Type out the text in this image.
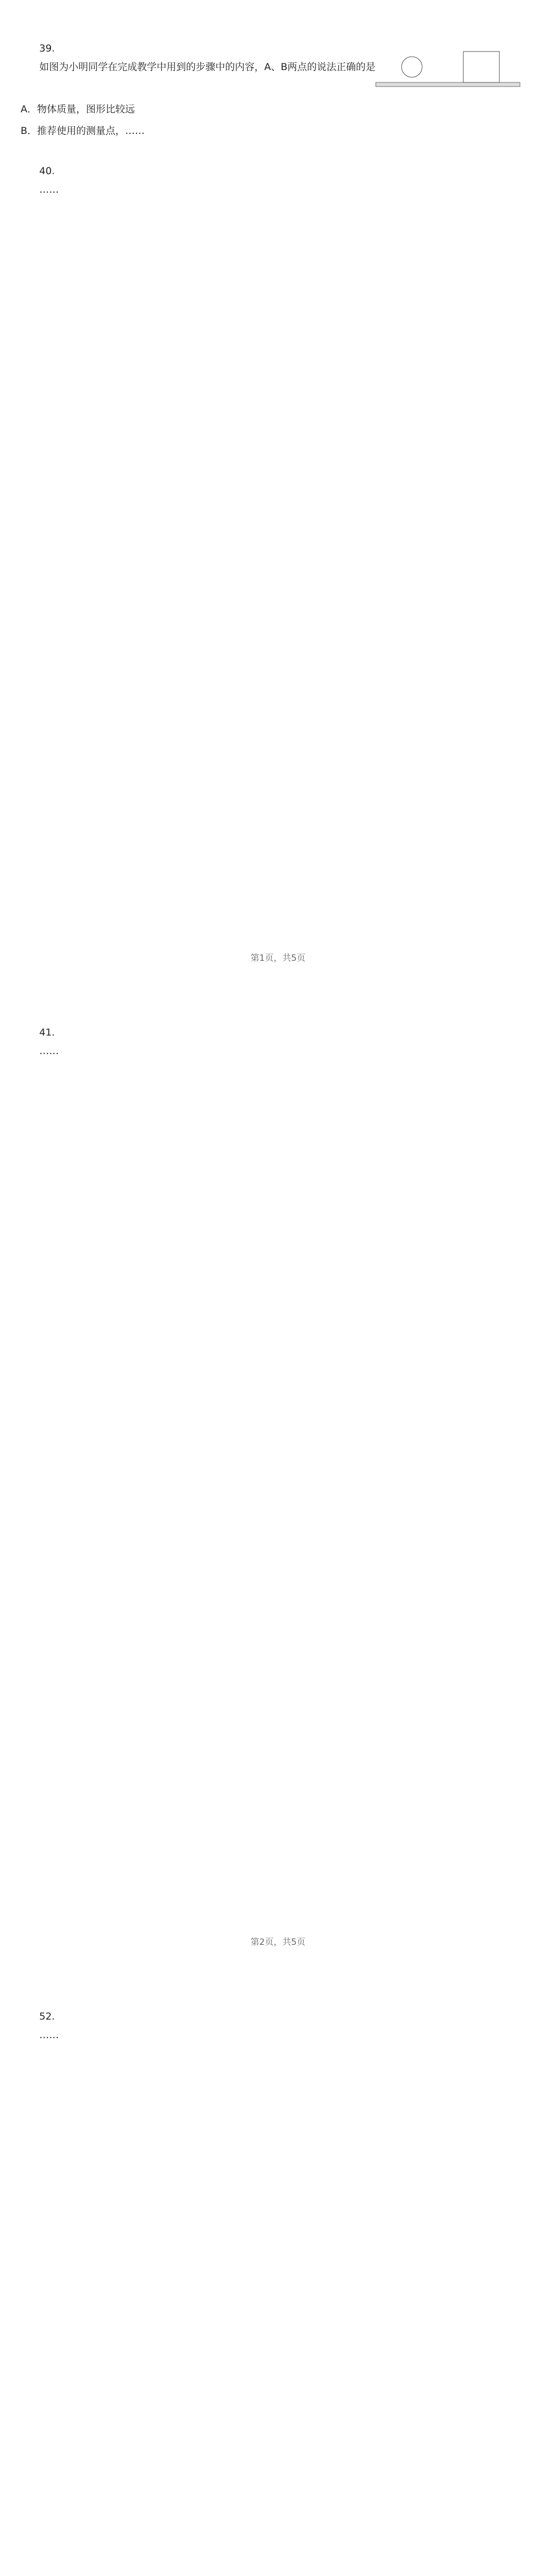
39.
如图为小明同学在完成教学中用到的步骤中的内容，A、B两点的说法正确的是

A．物体质量，图形比较远
B．推荐使用的测量点，……

40.
……

第1页，共5页

41.
……

第2页，共5页

52.
……
